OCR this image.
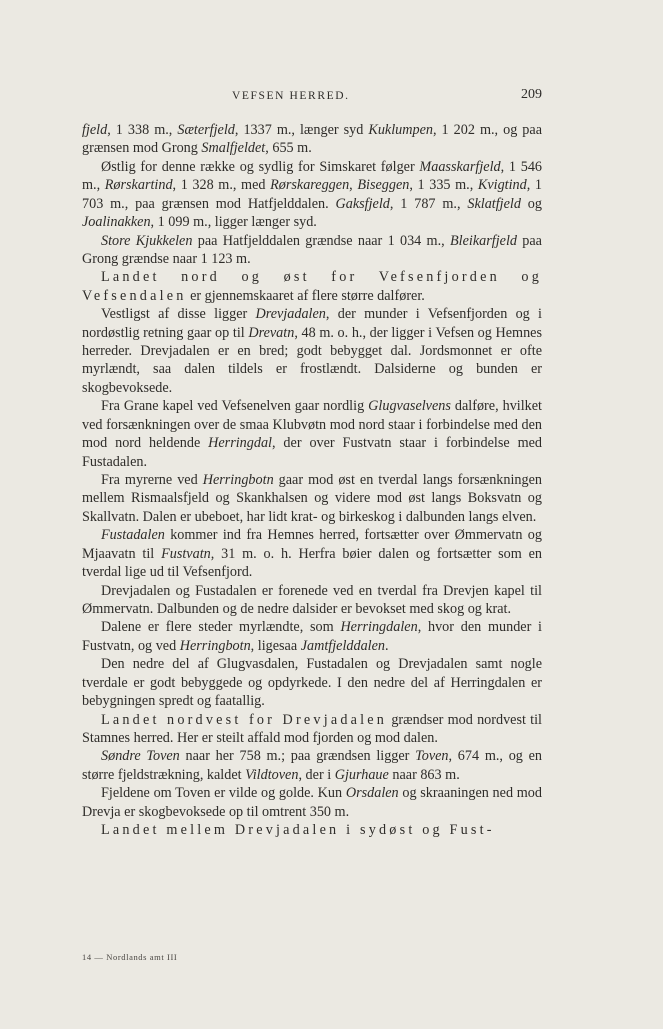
VEFSEN HERRED.	209

fjeld, 1 338 m., Sæterfjeld, 1337 m., længer syd Kuklumpen, 1 202 m., og paa grænsen mod Grong Smalfjeldet, 655 m.

Østlig for denne række og sydlig for Simskaret følger Maasskarfjeld, 1 546 m., Rørskartind, 1 328 m., med Rørskareggen, Biseggen, 1 335 m., Kvigtind, 1 703 m., paa grænsen mod Hatfjelddalen. Gaksfjeld, 1 787 m., Sklatfjeld og Joalinakken, 1 099 m., ligger længer syd.

Store Kjukkelen paa Hatfjelddalen grændse naar 1 034 m., Bleikarfjeld paa Grong grændse naar 1 123 m.

Landet nord og øst for Vefsenfjorden og Vefsendalen er gjennemskaaret af flere større dalfører.

Vestligst af disse ligger Drevjadalen, der munder i Vefsenfjorden og i nordøstlig retning gaar op til Drevatn, 48 m. o. h., der ligger i Vefsen og Hemnes herreder. Drevjadalen er en bred; godt bebygget dal. Jordsmonnet er ofte myrlændt, saa dalen tildels er frostlændt. Dalsiderne og bunden er skogbevoksede.

Fra Grane kapel ved Vefsenelven gaar nordlig Glugvaselvens dalføre, hvilket ved forsænkningen over de smaa Klubvøtn mod nord staar i forbindelse med den mod nord heldende Herringdal, der over Fustvatn staar i forbindelse med Fustadalen.

Fra myrerne ved Herringbotn gaar mod øst en tverdal langs forsænkningen mellem Rismaalsfjeld og Skankhalsen og videre mod øst langs Boksvatn og Skallvatn. Dalen er ubeboet, har lidt krat- og birkeskog i dalbunden langs elven.

Fustadalen kommer ind fra Hemnes herred, fortsætter over Ømmervatn og Mjaavatn til Fustvatn, 31 m. o. h. Herfra bøier dalen og fortsætter som en tverdal lige ud til Vefsenfjord.

Drevjadalen og Fustadalen er forenede ved en tverdal fra Drevjen kapel til Ømmervatn. Dalbunden og de nedre dalsider er bevokset med skog og krat.

Dalene er flere steder myrlændte, som Herringdalen, hvor den munder i Fustvatn, og ved Herringbotn, ligesaa Jamtfjelddalen.

Den nedre del af Glugvasdalen, Fustadalen og Drevjadalen samt nogle tverdale er godt bebyggede og opdyrkede. I den nedre del af Herringdalen er bebygningen spredt og faatallig.

Landet nordvest for Drevjadalen grændser mod nordvest til Stamnes herred. Her er steilt affald mod fjorden og mod dalen.

Søndre Toven naar her 758 m.; paa grændsen ligger Toven, 674 m., og en større fjeldstrækning, kaldet Vildtoven, der i Gjurhaue naar 863 m.

Fjeldene om Toven er vilde og golde. Kun Orsdalen og skraaningen ned mod Drevja er skogbevoksede op til omtrent 350 m.

Landet mellem Drevjadalen i sydøst og Fust-

14 — Nordlands amt III
